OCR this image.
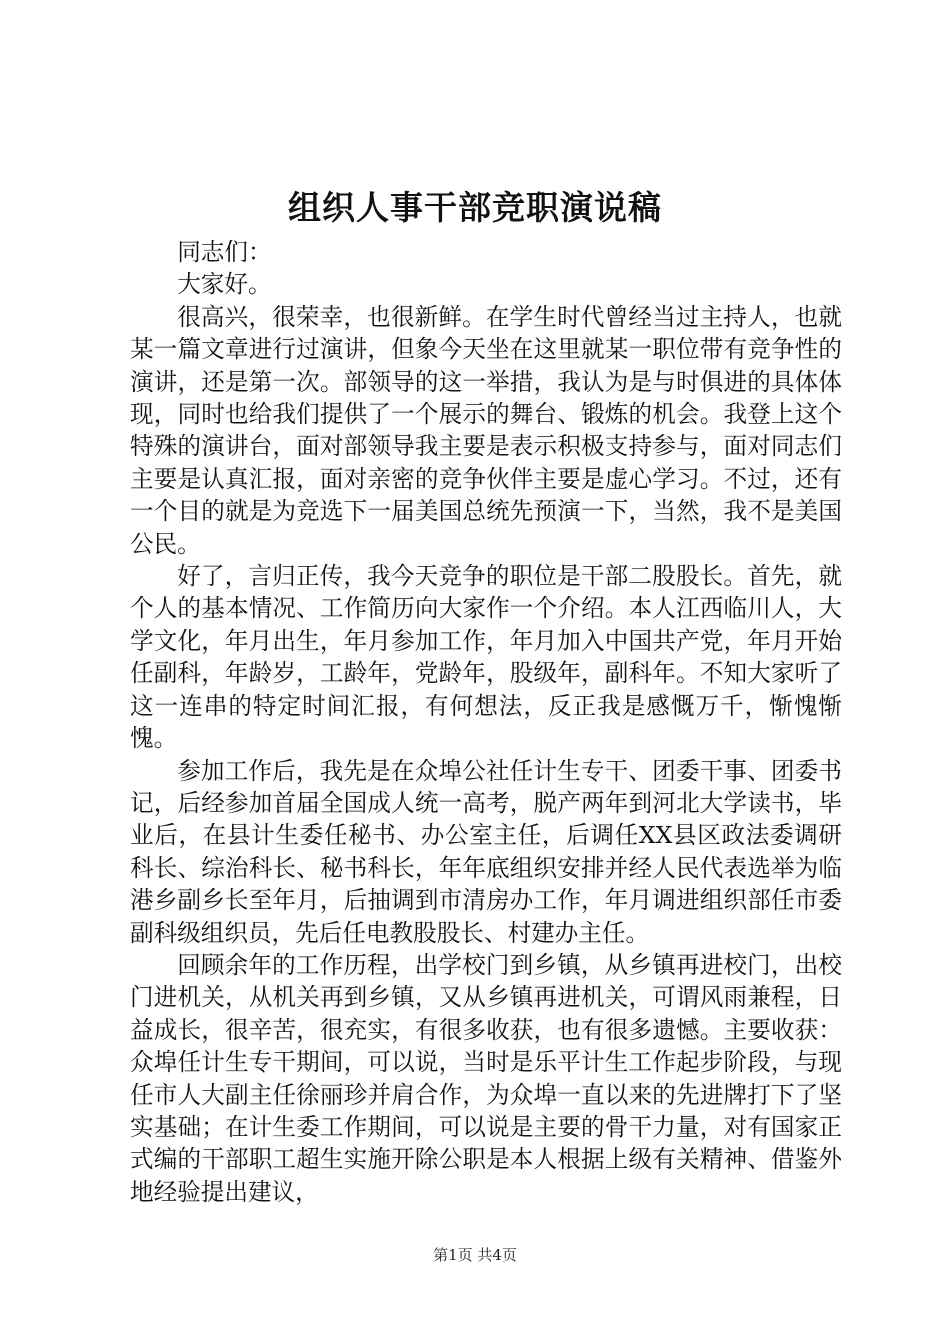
组织人事干部竞职演说稿

同志们：

大家好。

很高兴，很荣幸，也很新鲜。在学生时代曾经当过主持人，也就某一篇文章进行过演讲，但象今天坐在这里就某一职位带有竞争性的演讲，还是第一次。部领导的这一举措，我认为是与时俱进的具体体现，同时也给我们提供了一个展示的舞台、锻炼的机会。我登上这个特殊的演讲台，面对部领导我主要是表示积极支持参与，面对同志们主要是认真汇报，面对亲密的竞争伙伴主要是虚心学习。不过，还有一个目的就是为竞选下一届美国总统先预演一下，当然，我不是美国公民。

好了，言归正传，我今天竞争的职位是干部二股股长。首先，就个人的基本情况、工作简历向大家作一个介绍。本人江西临川人，大学文化，年月出生，年月参加工作，年月加入中国共产党，年月开始任副科，年龄岁，工龄年，党龄年，股级年，副科年。不知大家听了这一连串的特定时间汇报，有何想法，反正我是感慨万千，惭愧惭愧。

参加工作后，我先是在众埠公社任计生专干、团委干事、团委书记，后经参加首届全国成人统一高考，脱产两年到河北大学读书，毕业后，在县计生委任秘书、办公室主任，后调任XX县区政法委调研科长、综治科长、秘书科长，年年底组织安排并经人民代表选举为临港乡副乡长至年月，后抽调到市清房办工作，年月调进组织部任市委副科级组织员，先后任电教股股长、村建办主任。

回顾余年的工作历程，出学校门到乡镇，从乡镇再进校门，出校门进机关，从机关再到乡镇，又从乡镇再进机关，可谓风雨兼程，日益成长，很辛苦，很充实，有很多收获，也有很多遗憾。主要收获：众埠任计生专干期间，可以说，当时是乐平计生工作起步阶段，与现任市人大副主任徐丽珍并肩合作，为众埠一直以来的先进牌打下了坚实基础；在计生委工作期间，可以说是主要的骨干力量，对有国家正式编的干部职工超生实施开除公职是本人根据上级有关精神、借鉴外地经验提出建议，

第1页 共4页
